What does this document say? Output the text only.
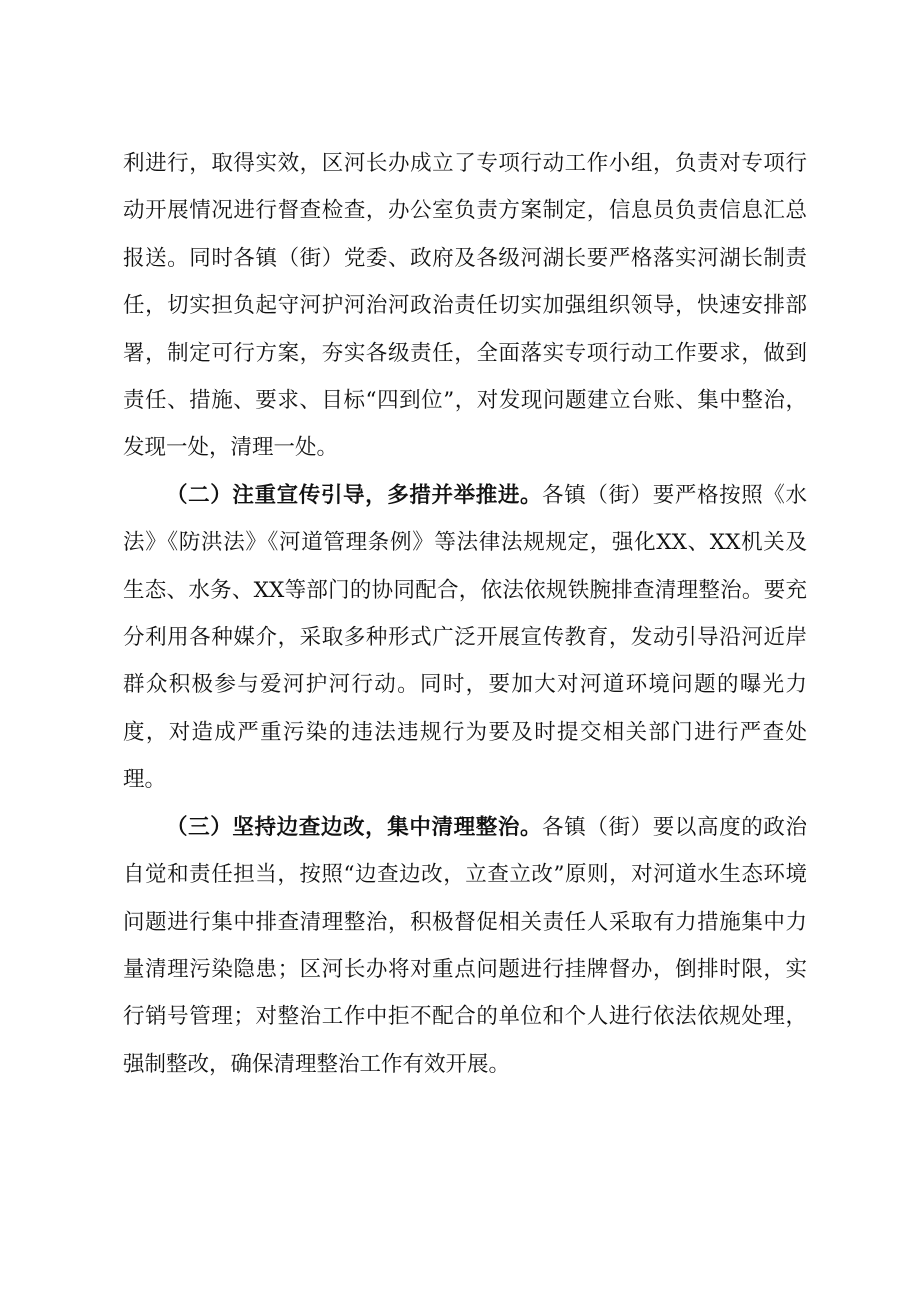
利进行，取得实效，区河长办成立了专项行动工作小组，负责对专项行动开展情况进行督查检查，办公室负责方案制定，信息员负责信息汇总报送。同时各镇（街）党委、政府及各级河湖长要严格落实河湖长制责任，切实担负起守河护河治河政治责任切实加强组织领导，快速安排部署，制定可行方案，夯实各级责任，全面落实专项行动工作要求，做到责任、措施、要求、目标“四到位”，对发现问题建立台账、集中整治，发现一处，清理一处。

（二）注重宣传引导，多措并举推进。各镇（街）要严格按照《水法》《防洪法》《河道管理条例》等法律法规规定，强化XX、XX机关及生态、水务、XX等部门的协同配合，依法依规铁腕排查清理整治。要充分利用各种媒介，采取多种形式广泛开展宣传教育，发动引导沿河近岸群众积极参与爱河护河行动。同时，要加大对河道环境问题的曝光力度，对造成严重污染的违法违规行为要及时提交相关部门进行严查处理。

（三）坚持边查边改，集中清理整治。各镇（街）要以高度的政治自觉和责任担当，按照“边查边改，立查立改”原则，对河道水生态环境问题进行集中排查清理整治，积极督促相关责任人采取有力措施集中力量清理污染隐患；区河长办将对重点问题进行挂牌督办，倒排时限，实行销号管理；对整治工作中拒不配合的单位和个人进行依法依规处理，强制整改，确保清理整治工作有效开展。
